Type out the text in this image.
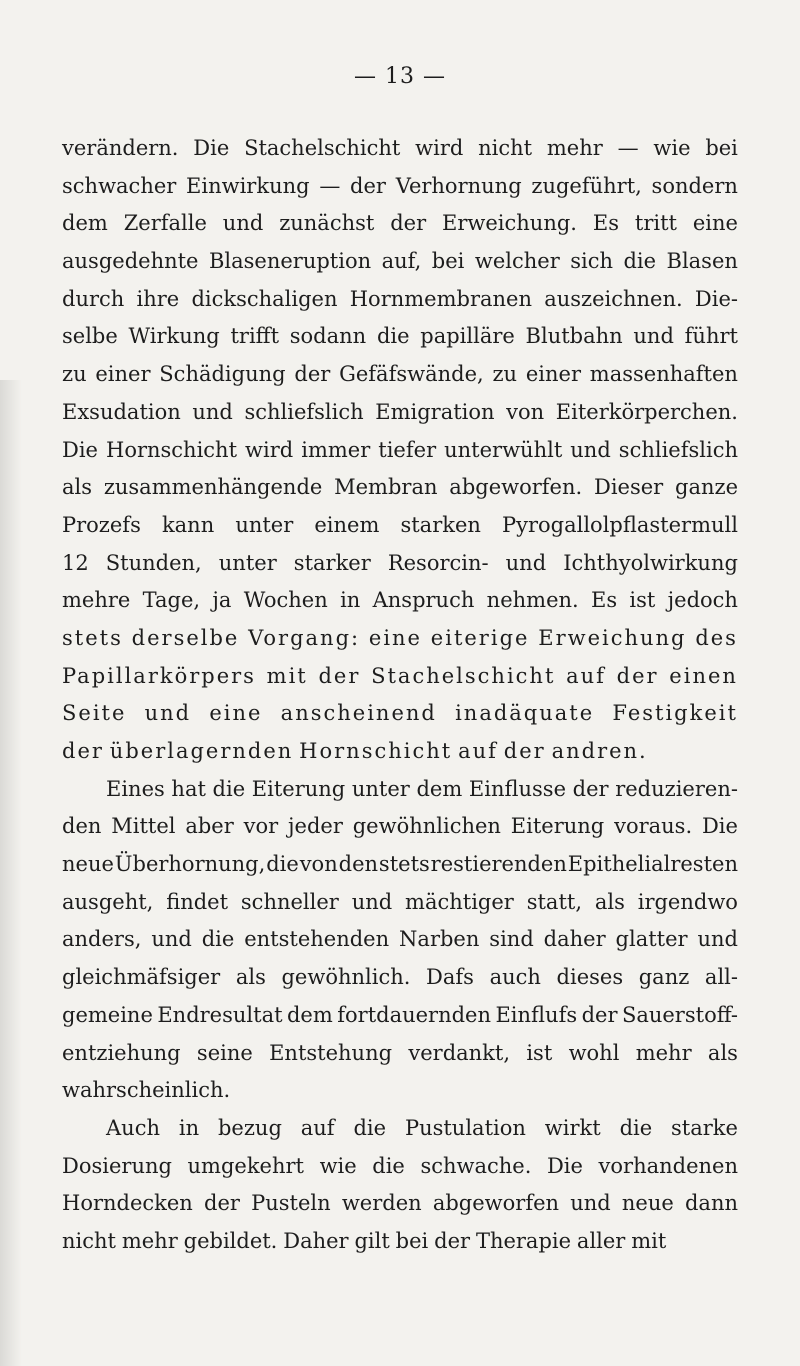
— 13 —
verändern. Die Stachelschicht wird nicht mehr — wie bei
schwacher Einwirkung — der Verhornung zugeführt, sondern
dem Zerfalle und zunächst der Erweichung. Es tritt eine
ausgedehnte Blaseneruption auf, bei welcher sich die Blasen
durch ihre dickschaligen Hornmembranen auszeichnen. Die-
selbe Wirkung trifft sodann die papilläre Blutbahn und führt
zu einer Schädigung der Gefäfswände, zu einer massenhaften
Exsudation und schliefslich Emigration von Eiterkörperchen.
Die Hornschicht wird immer tiefer unterwühlt und schliefslich
als zusammenhängende Membran abgeworfen. Dieser ganze
Prozefs kann unter einem starken Pyrogallolpflastermull
12 Stunden, unter starker Resorcin- und Ichthyolwirkung
mehre Tage, ja Wochen in Anspruch nehmen. Es ist jedoch
stets derselbe Vorgang: eine eiterige Erweichung des
Papillarkörpers mit der Stachelschicht auf der einen
Seite und eine anscheinend inadäquate Festigkeit
der überlagernden Hornschicht auf der andren.
Eines hat die Eiterung unter dem Einflusse der reduzieren-
den Mittel aber vor jeder gewöhnlichen Eiterung voraus. Die
neue Überhornung, die von den stets restierenden Epithelialresten
ausgeht, findet schneller und mächtiger statt, als irgendwo
anders, und die entstehenden Narben sind daher glatter und
gleichmäfsiger als gewöhnlich. Dafs auch dieses ganz all-
gemeine Endresultat dem fortdauernden Einflufs der Sauerstoff-
entziehung seine Entstehung verdankt, ist wohl mehr als
wahrscheinlich.
Auch in bezug auf die Pustulation wirkt die starke
Dosierung umgekehrt wie die schwache. Die vorhandenen
Horndecken der Pusteln werden abgeworfen und neue dann
nicht mehr gebildet. Daher gilt bei der Therapie aller mit
